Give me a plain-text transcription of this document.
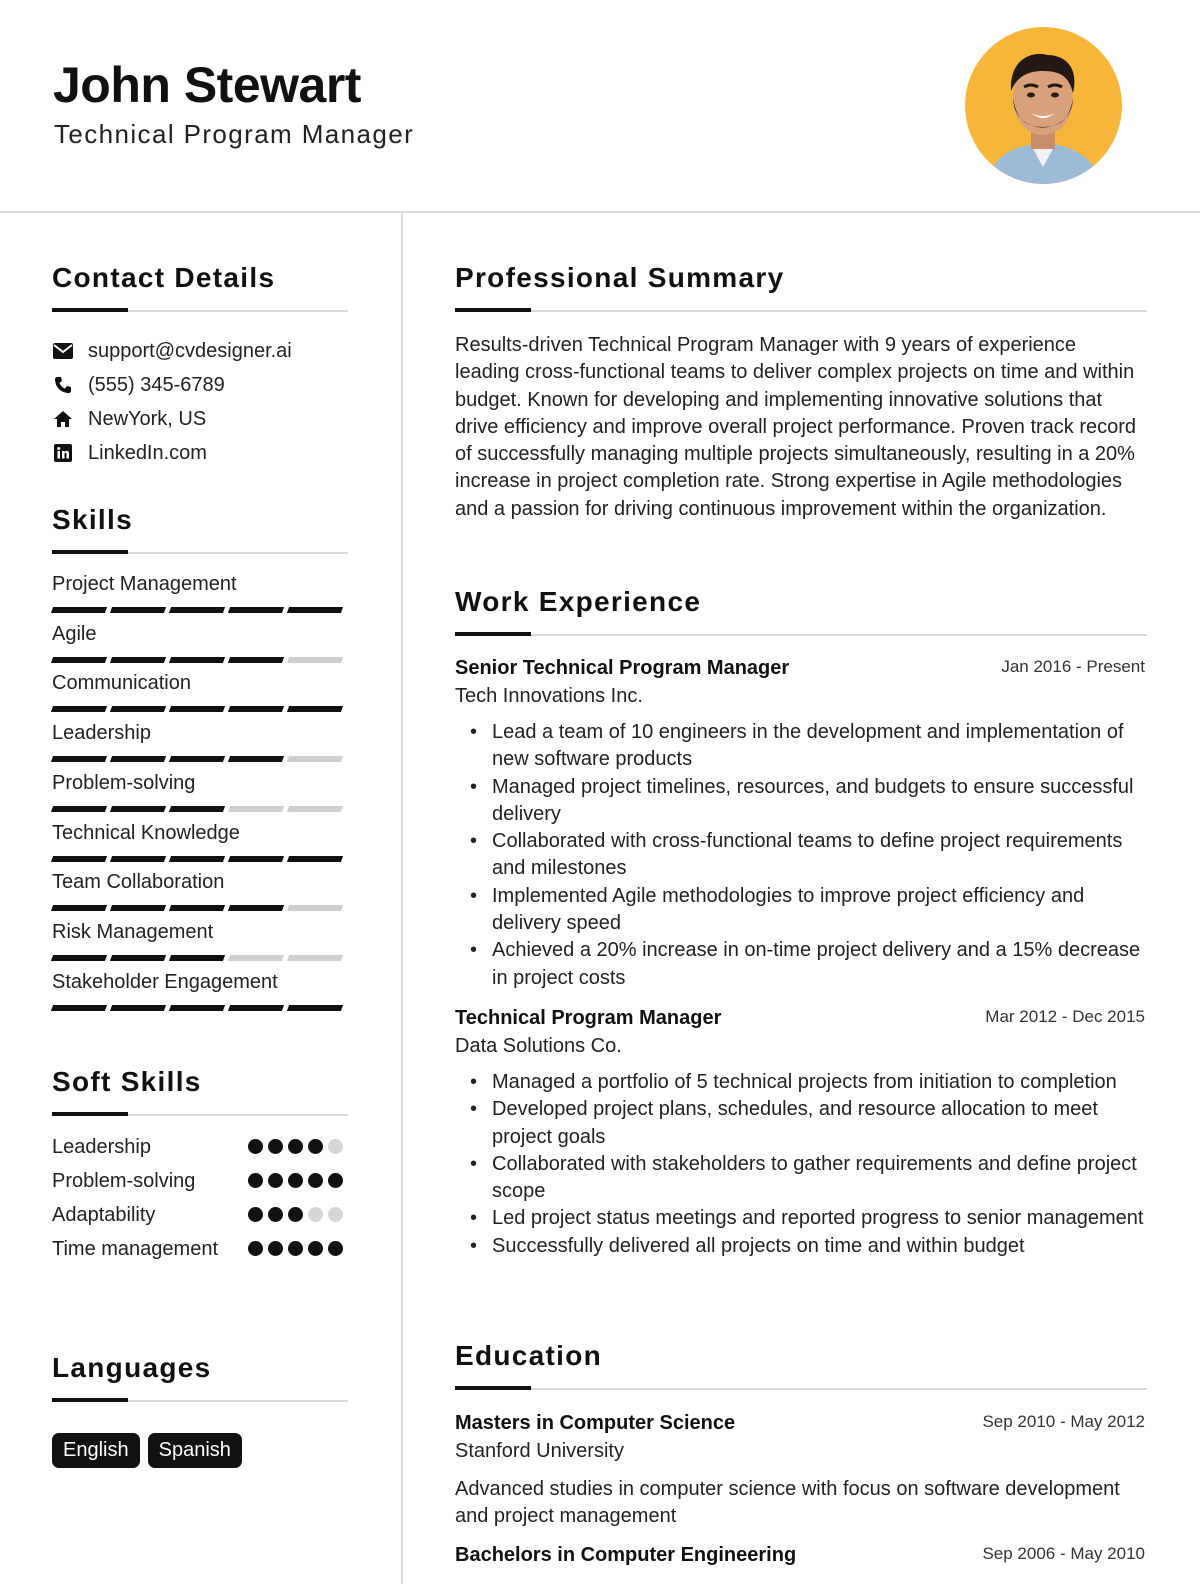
John Stewart
Technical Program Manager
Contact Details
support@cvdesigner.ai
(555) 345-6789
NewYork, US
LinkedIn.com
Skills
Project Management
Agile
Communication
Leadership
Problem-solving
Technical Knowledge
Team Collaboration
Risk Management
Stakeholder Engagement
Soft Skills
Leadership
Problem-solving
Adaptability
Time management
Languages
English	Spanish
Professional Summary
Results-driven Technical Program Manager with 9 years of experience leading cross-functional teams to deliver complex projects on time and within budget. Known for developing and implementing innovative solutions that drive efficiency and improve overall project performance. Proven track record of successfully managing multiple projects simultaneously, resulting in a 20% increase in project completion rate. Strong expertise in Agile methodologies and a passion for driving continuous improvement within the organization.
Work Experience
Senior Technical Program Manager	Jan 2016 - Present
Tech Innovations Inc.
• Lead a team of 10 engineers in the development and implementation of new software products
• Managed project timelines, resources, and budgets to ensure successful delivery
• Collaborated with cross-functional teams to define project requirements and milestones
• Implemented Agile methodologies to improve project efficiency and delivery speed
• Achieved a 20% increase in on-time project delivery and a 15% decrease in project costs
Technical Program Manager	Mar 2012 - Dec 2015
Data Solutions Co.
• Managed a portfolio of 5 technical projects from initiation to completion
• Developed project plans, schedules, and resource allocation to meet project goals
• Collaborated with stakeholders to gather requirements and define project scope
• Led project status meetings and reported progress to senior management
• Successfully delivered all projects on time and within budget
Education
Masters in Computer Science	Sep 2010 - May 2012
Stanford University
Advanced studies in computer science with focus on software development and project management
Bachelors in Computer Engineering	Sep 2006 - May 2010
